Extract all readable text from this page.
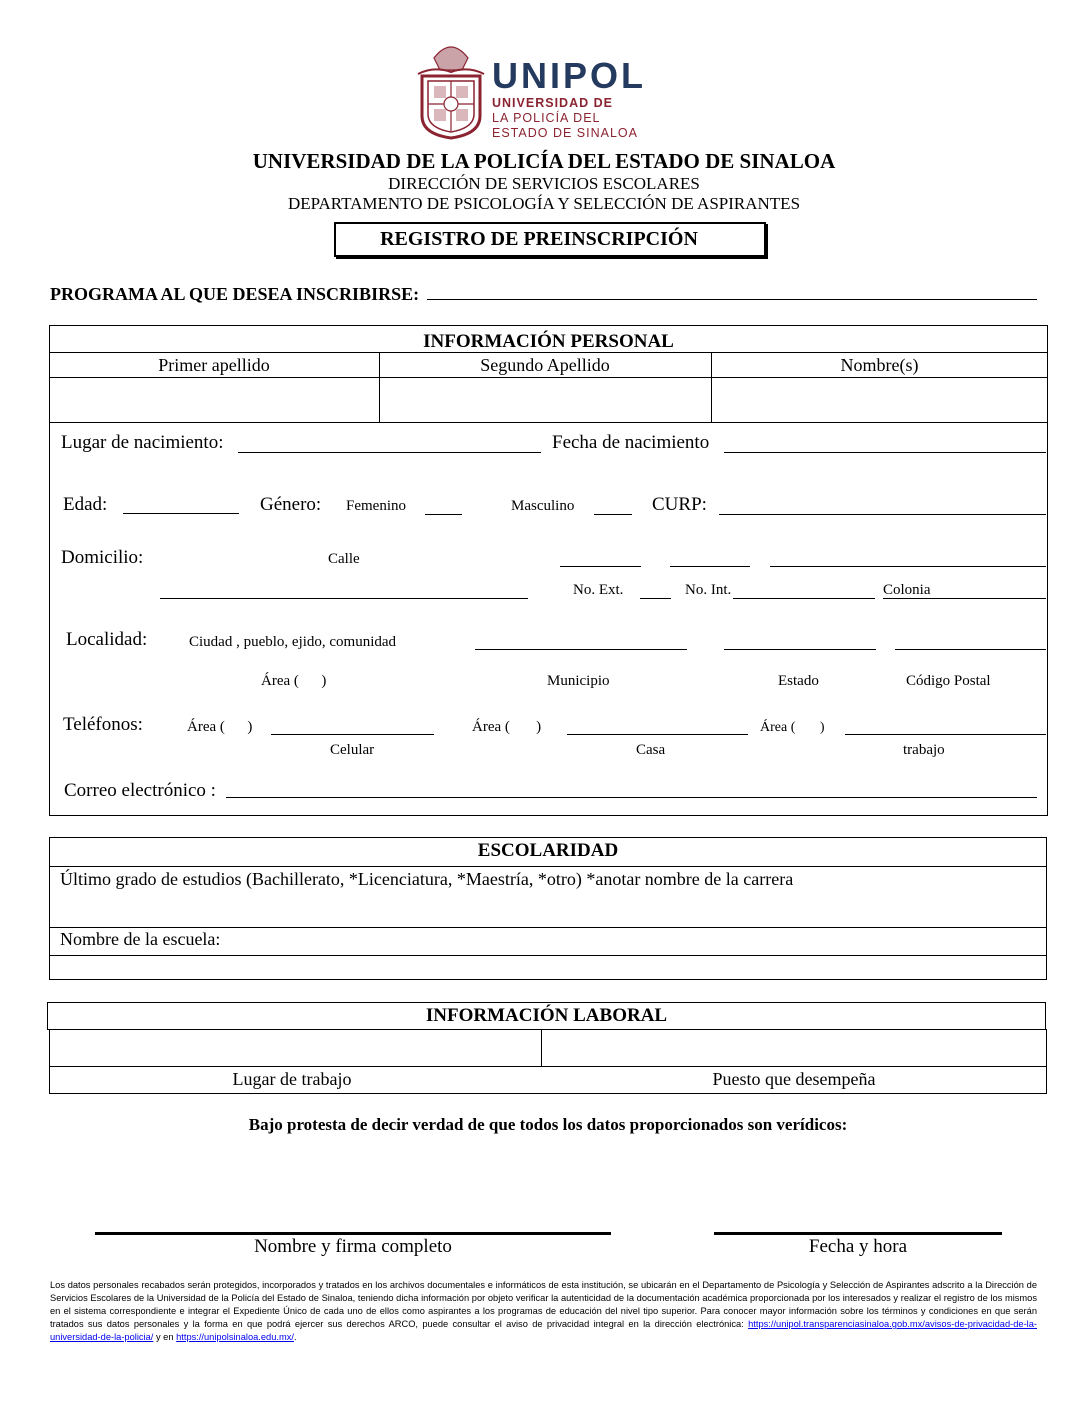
UNIPOL
UNIVERSIDAD DE
LA POLICÍA DEL
ESTADO DE SINALOA
UNIVERSIDAD DE LA POLICÍA DEL ESTADO DE SINALOA
DIRECCIÓN DE SERVICIOS ESCOLARES
DEPARTAMENTO DE PSICOLOGÍA Y SELECCIÓN DE ASPIRANTES
REGISTRO DE PREINSCRIPCIÓN
PROGRAMA AL QUE DESEA INSCRIBIRSE:
INFORMACIÓN PERSONAL
Primer apellido	Segundo Apellido	Nombre(s)
Lugar de nacimiento:	Fecha de nacimiento
Edad:	Género: Femenino	Masculino	CURP:
Domicilio:	Calle
No. Ext.	No. Int.	Colonia
Localidad:	Ciudad , pueblo, ejido, comunidad
Área (      )	Municipio	Estado	Código Postal
Teléfonos:	Área (      )	Área (       )	Área (       )
Celular	Casa	trabajo
Correo electrónico :
ESCOLARIDAD
Último grado de estudios (Bachillerato, *Licenciatura, *Maestría, *otro) *anotar nombre de la carrera
Nombre de la escuela:
INFORMACIÓN LABORAL
Lugar de trabajo	Puesto que desempeña
Bajo protesta de decir verdad de que todos los datos proporcionados son verídicos:
Nombre y firma completo	Fecha y hora
Los datos personales recabados serán protegidos, incorporados y tratados en los archivos documentales e informáticos de esta institución, se ubicarán en el Departamento de Psicología y Selección de Aspirantes adscrito a la Dirección de Servicios Escolares de la Universidad de la Policía del Estado de Sinaloa, teniendo dicha información por objeto verificar la autenticidad de la documentación académica proporcionada por los interesados y realizar el registro de los mismos en el sistema correspondiente e integrar el Expediente Único de cada uno de ellos como aspirantes a los programas de educación del nivel tipo superior. Para conocer mayor información sobre los términos y condiciones en que serán tratados sus datos personales y la forma en que podrá ejercer sus derechos ARCO, puede consultar el aviso de privacidad integral en la dirección electrónica: https://unipol.transparenciasinaloa.gob.mx/avisos-de-privacidad-de-la-universidad-de-la-policia/ y en https://unipolsinaloa.edu.mx/.
